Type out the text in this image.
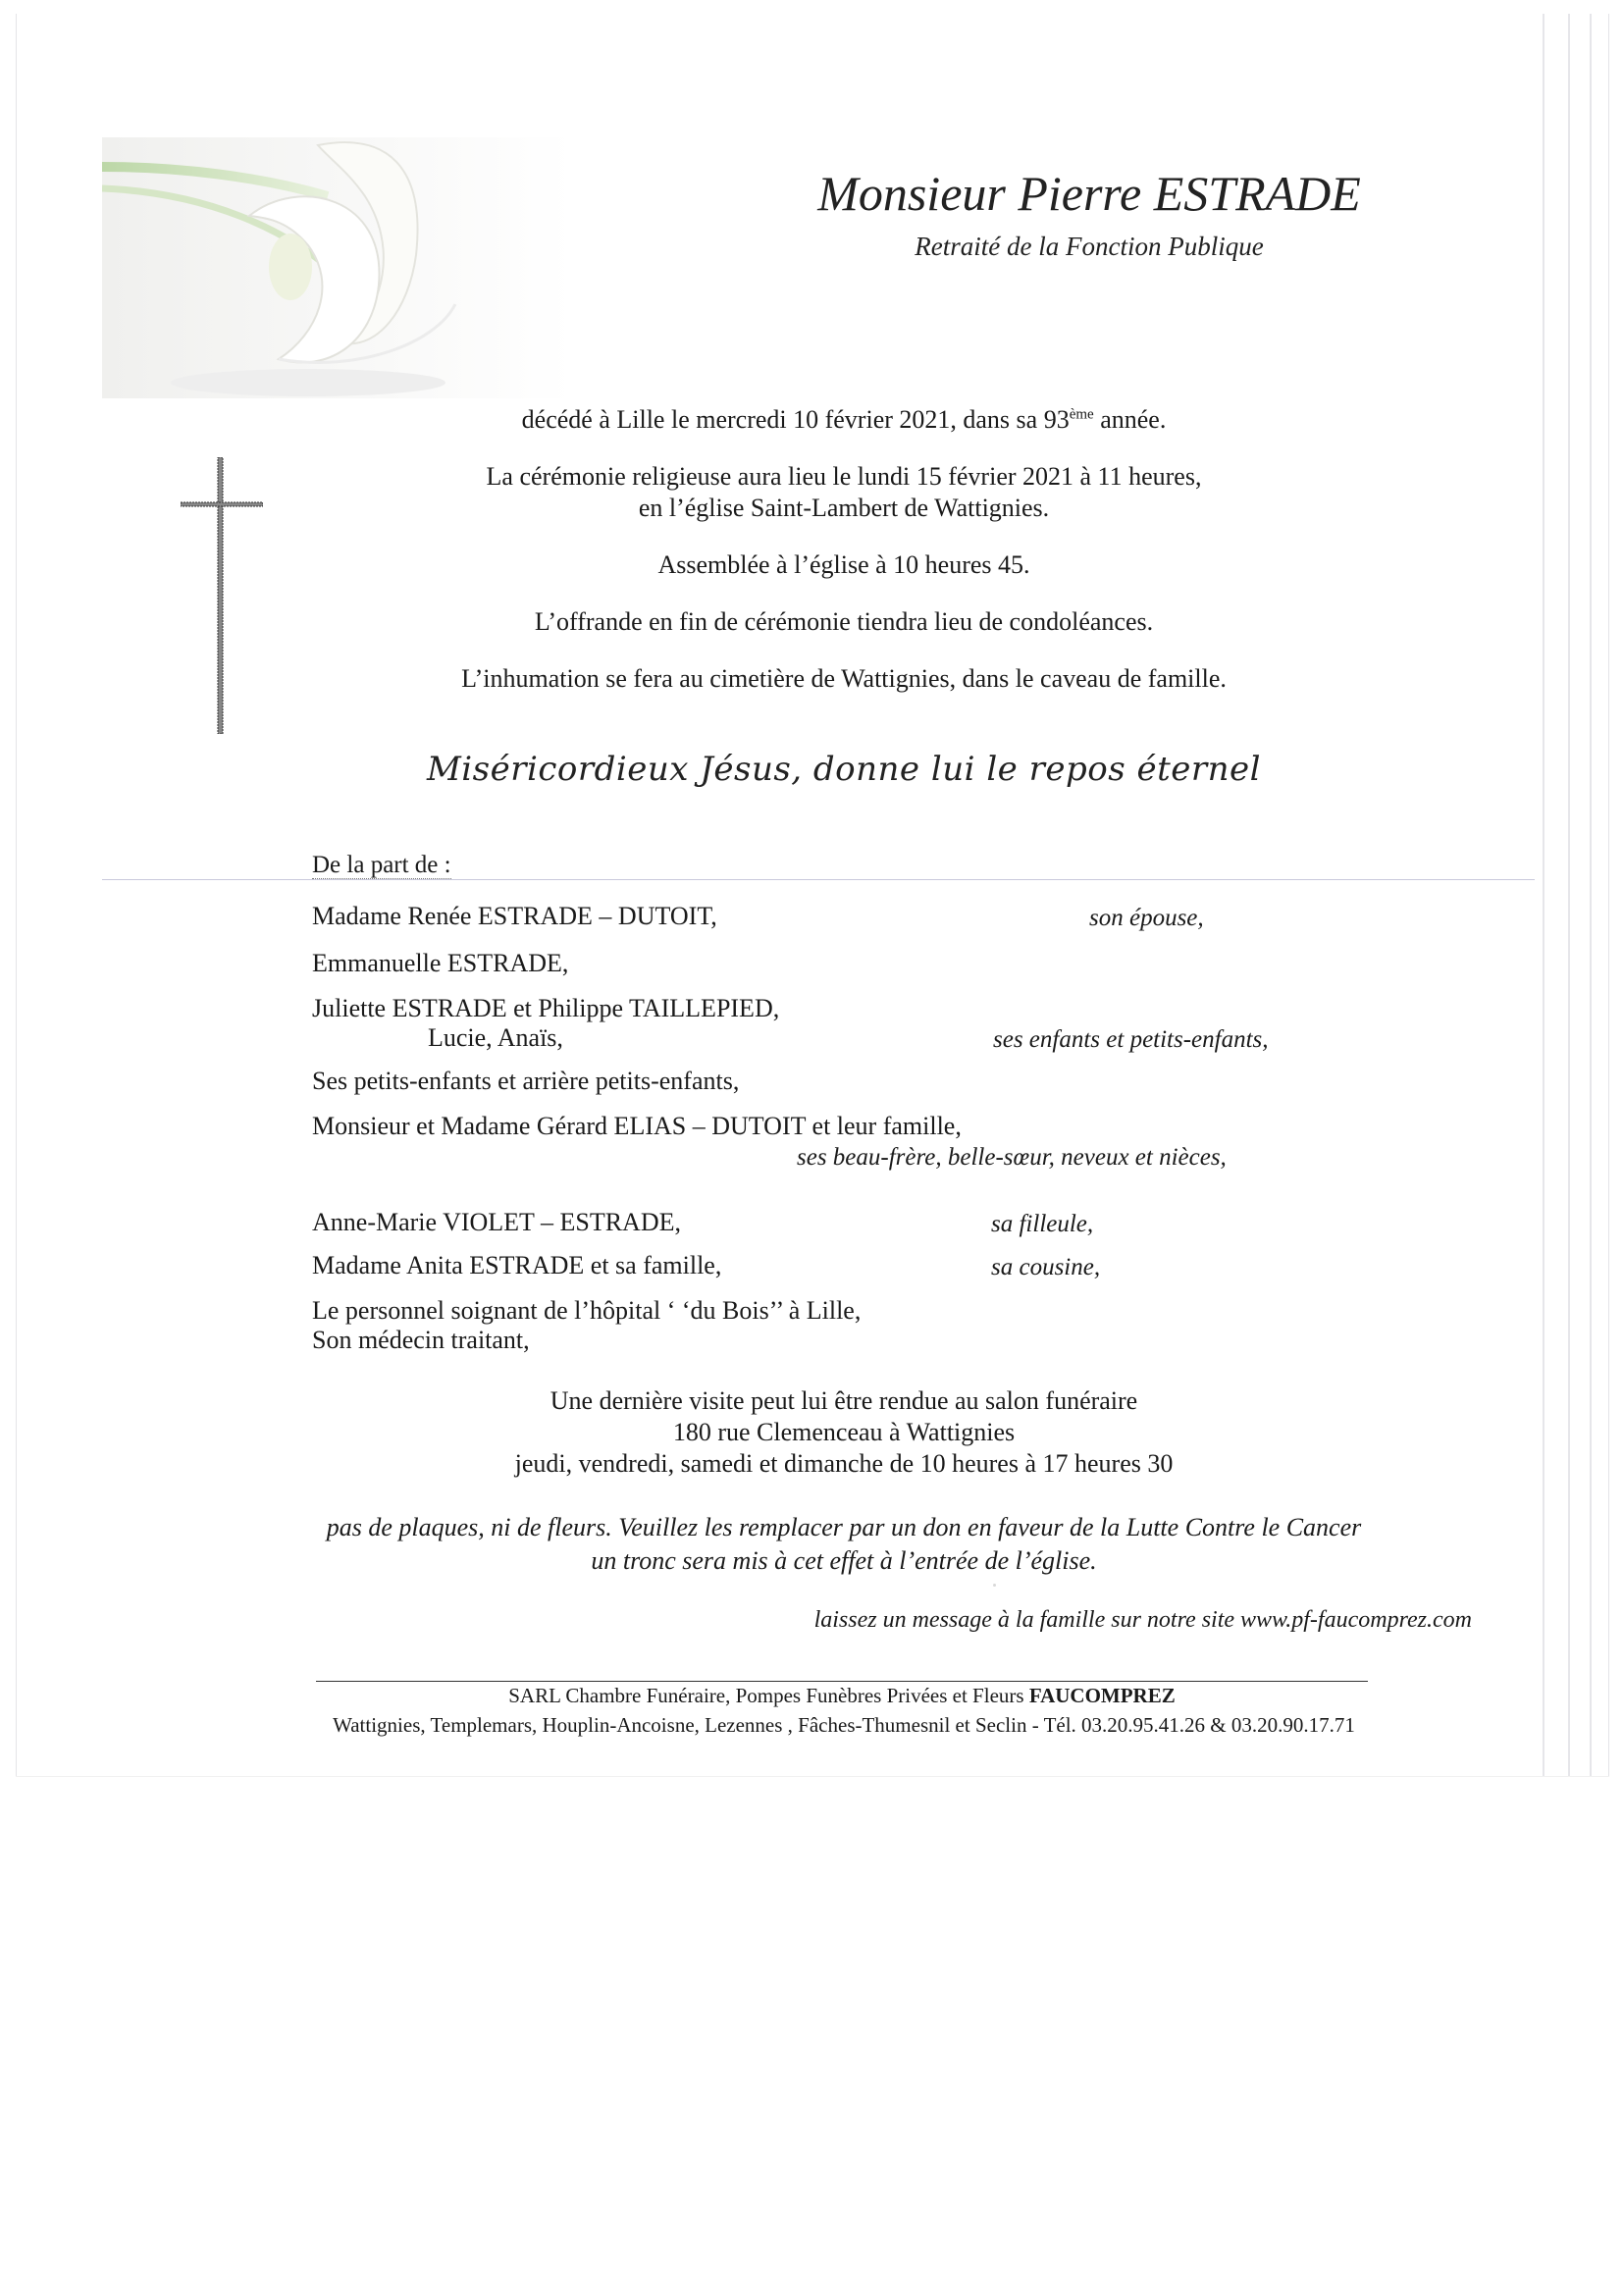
Monsieur Pierre ESTRADE
Retraité de la Fonction Publique
décédé à Lille le mercredi 10 février 2021, dans sa 93ème année.
La cérémonie religieuse aura lieu le lundi 15 février 2021 à 11 heures,
en l’église Saint-Lambert de Wattignies.
Assemblée à l’église à 10 heures 45.
L’offrande en fin de cérémonie tiendra lieu de condoléances.
L’inhumation se fera au cimetière de Wattignies, dans le caveau de famille.
Miséricordieux Jésus, donne lui le repos éternel
De la part de :
Madame Renée ESTRADE – DUTOIT,	son épouse,
Emmanuelle ESTRADE,
Juliette ESTRADE et Philippe TAILLEPIED,
Lucie, Anaïs,	ses enfants et petits-enfants,
Ses petits-enfants et arrière petits-enfants,
Monsieur et Madame Gérard ELIAS – DUTOIT et leur famille,
ses beau-frère, belle-sœur, neveux et nièces,
Anne-Marie VIOLET – ESTRADE,	sa filleule,
Madame Anita ESTRADE et sa famille,	sa cousine,
Le personnel soignant de l’hôpital ‘ ‘du Bois’’ à Lille,
Son médecin traitant,
Une dernière visite peut lui être rendue au salon funéraire
180 rue Clemenceau à Wattignies
jeudi, vendredi, samedi et dimanche de 10 heures à 17 heures 30
pas de plaques, ni de fleurs. Veuillez les remplacer par un don en faveur de la Lutte Contre le Cancer
un tronc sera mis à cet effet à l’entrée de l’église.
laissez un message à la famille sur notre site www.pf-faucomprez.com
SARL Chambre Funéraire, Pompes Funèbres Privées et Fleurs FAUCOMPREZ
Wattignies, Templemars, Houplin-Ancoisne, Lezennes , Fâches-Thumesnil et Seclin - Tél. 03.20.95.41.26 & 03.20.90.17.71
